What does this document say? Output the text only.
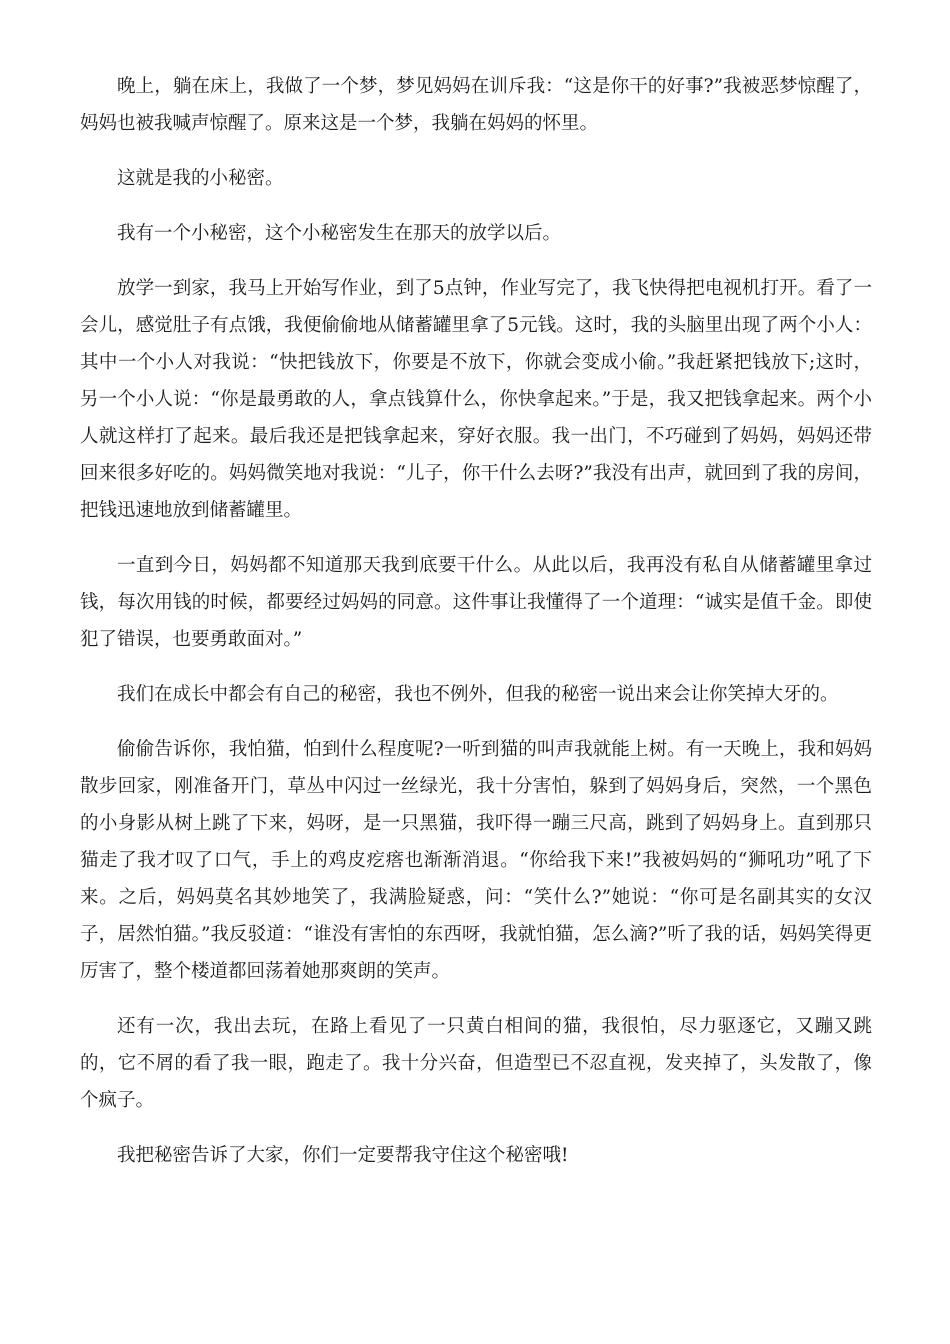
晚上，躺在床上，我做了一个梦，梦见妈妈在训斥我：“这是你干的好事?”我被恶梦惊醒了，妈妈也被我喊声惊醒了。原来这是一个梦，我躺在妈妈的怀里。

这就是我的小秘密。

我有一个小秘密，这个小秘密发生在那天的放学以后。

放学一到家，我马上开始写作业，到了5点钟，作业写完了，我飞快得把电视机打开。看了一会儿，感觉肚子有点饿，我便偷偷地从储蓄罐里拿了5元钱。这时，我的头脑里出现了两个小人：其中一个小人对我说：“快把钱放下，你要是不放下，你就会变成小偷。”我赶紧把钱放下;这时，另一个小人说：“你是最勇敢的人，拿点钱算什么，你快拿起来。”于是，我又把钱拿起来。两个小人就这样打了起来。最后我还是把钱拿起来，穿好衣服。我一出门，不巧碰到了妈妈，妈妈还带回来很多好吃的。妈妈微笑地对我说：“儿子，你干什么去呀?”我没有出声，就回到了我的房间，把钱迅速地放到储蓄罐里。

一直到今日，妈妈都不知道那天我到底要干什么。从此以后，我再没有私自从储蓄罐里拿过钱，每次用钱的时候，都要经过妈妈的同意。这件事让我懂得了一个道理：“诚实是值千金。即使犯了错误，也要勇敢面对。”

我们在成长中都会有自己的秘密，我也不例外，但我的秘密一说出来会让你笑掉大牙的。

偷偷告诉你，我怕猫，怕到什么程度呢?一听到猫的叫声我就能上树。有一天晚上，我和妈妈散步回家，刚准备开门，草丛中闪过一丝绿光，我十分害怕，躲到了妈妈身后，突然，一个黑色的小身影从树上跳了下来，妈呀，是一只黑猫，我吓得一蹦三尺高，跳到了妈妈身上。直到那只猫走了我才叹了口气，手上的鸡皮疙瘩也渐渐消退。“你给我下来!”我被妈妈的“狮吼功”吼了下来。之后，妈妈莫名其妙地笑了，我满脸疑惑，问：“笑什么?”她说：“你可是名副其实的女汉子，居然怕猫。”我反驳道：“谁没有害怕的东西呀，我就怕猫，怎么滴?”听了我的话，妈妈笑得更厉害了，整个楼道都回荡着她那爽朗的笑声。

还有一次，我出去玩，在路上看见了一只黄白相间的猫，我很怕，尽力驱逐它，又蹦又跳的，它不屑的看了我一眼，跑走了。我十分兴奋，但造型已不忍直视，发夹掉了，头发散了，像个疯子。

我把秘密告诉了大家，你们一定要帮我守住这个秘密哦!
